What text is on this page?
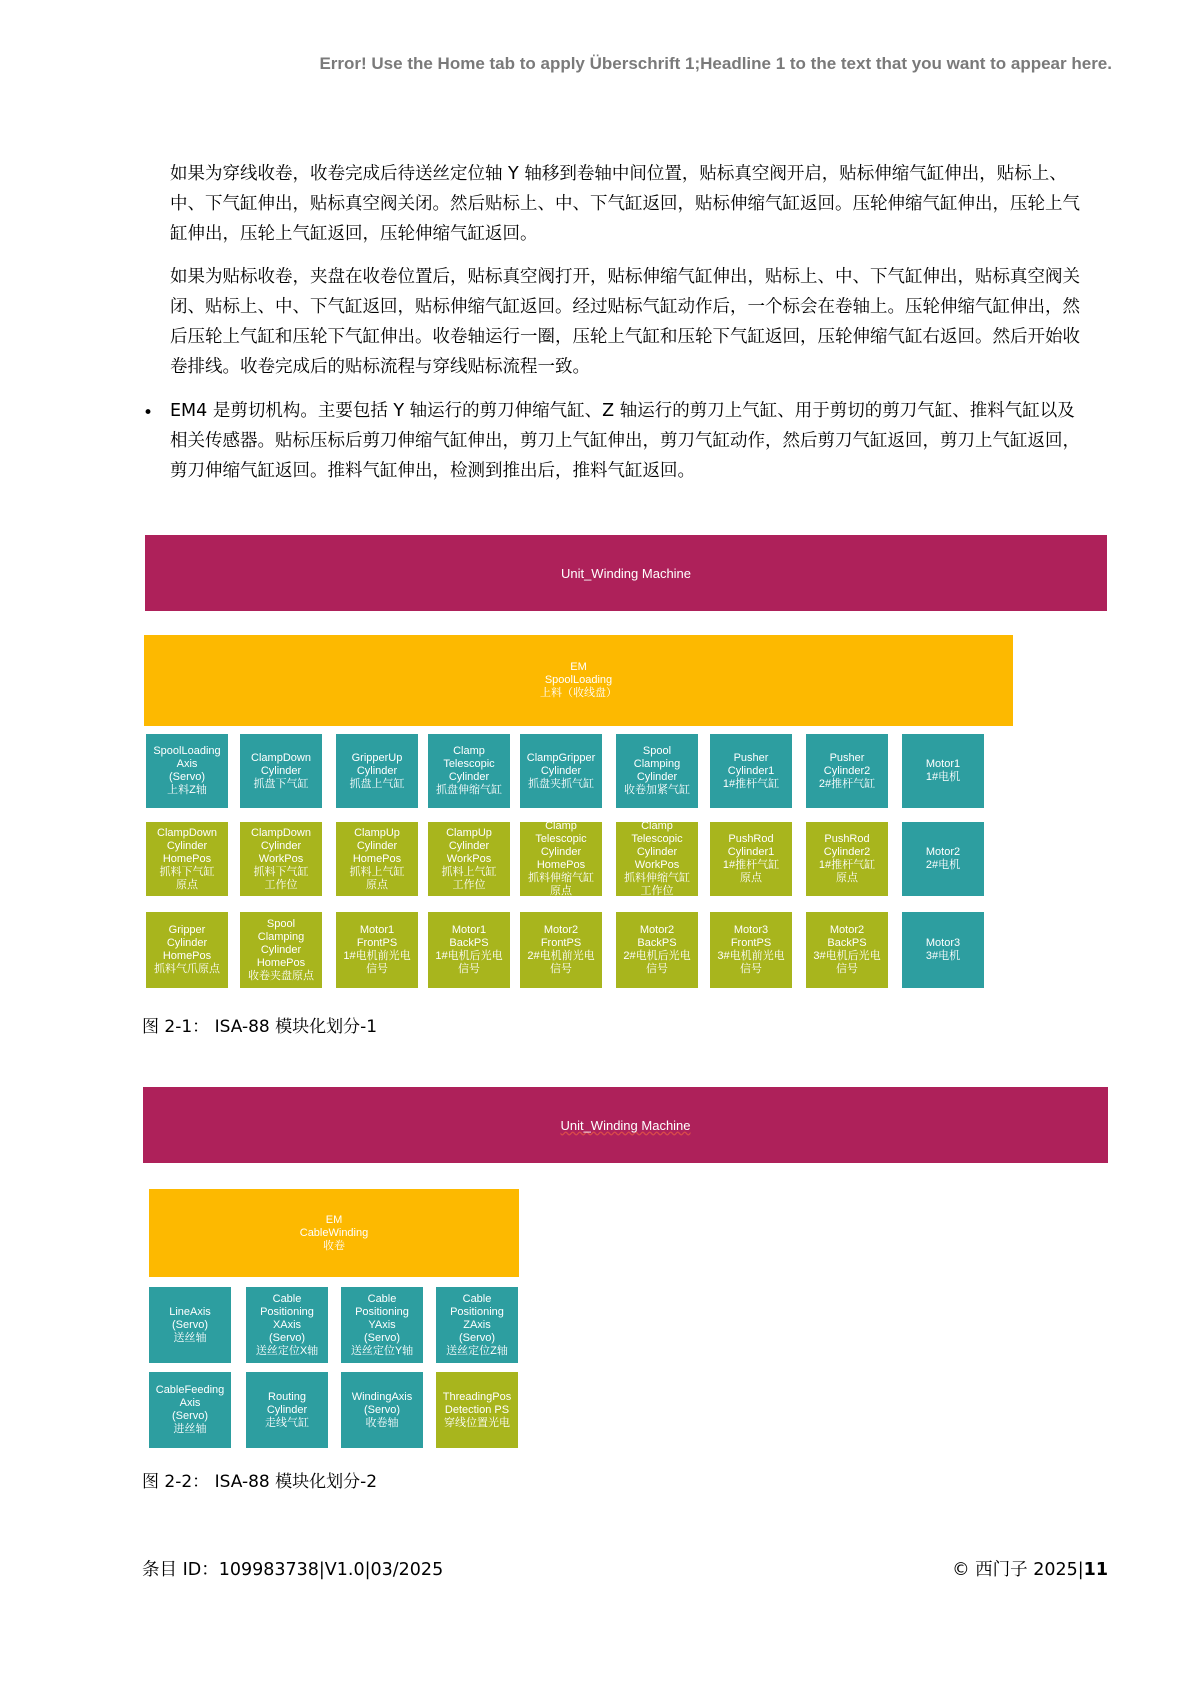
Error! Use the Home tab to apply Überschrift 1;Headline 1 to the text that you want to appear here.
如果为穿线收卷，收卷完成后待送丝定位轴 Y 轴移到卷轴中间位置，贴标真空阀开启，贴标伸缩气缸伸出，贴标上、中、下气缸伸出，贴标真空阀关闭。然后贴标上、中、下气缸返回，贴标伸缩气缸返回。压轮伸缩气缸伸出，压轮上气缸伸出，压轮上气缸返回，压轮伸缩气缸返回。
如果为贴标收卷，夹盘在收卷位置后，贴标真空阀打开，贴标伸缩气缸伸出，贴标上、中、下气缸伸出，贴标真空阀关闭、贴标上、中、下气缸返回，贴标伸缩气缸返回。经过贴标气缸动作后，一个标会在卷轴上。压轮伸缩气缸伸出，然后压轮上气缸和压轮下气缸伸出。收卷轴运行一圈，压轮上气缸和压轮下气缸返回，压轮伸缩气缸右返回。然后开始收卷排线。收卷完成后的贴标流程与穿线贴标流程一致。
• EM4 是剪切机构。主要包括 Y 轴运行的剪刀伸缩气缸、Z 轴运行的剪刀上气缸、用于剪切的剪刀气缸、推料气缸以及相关传感器。贴标压标后剪刀伸缩气缸伸出，剪刀上气缸伸出，剪刀气缸动作，然后剪刀气缸返回，剪刀上气缸返回，剪刀伸缩气缸返回。推料气缸伸出，检测到推出后，推料气缸返回。
Unit_Winding Machine
EM
SpoolLoading
上料（收线盘）
SpoolLoading
Axis
(Servo)
上料Z轴
ClampDown
Cylinder
抓盘下气缸
GripperUp
Cylinder
抓盘上气缸
Clamp
Telescopic
Cylinder
抓盘伸缩气缸
ClampGripper
Cylinder
抓盘夹抓气缸
Spool
Clamping
Cylinder
收卷加紧气缸
Pusher
Cylinder1
1#推杆气缸
Pusher
Cylinder2
2#推杆气缸
Motor1
1#电机
ClampDown
Cylinder
HomePos
抓料下气缸
原点
ClampDown
Cylinder
WorkPos
抓料下气缸
工作位
ClampUp
Cylinder
HomePos
抓料上气缸
原点
ClampUp
Cylinder
WorkPos
抓料上气缸
工作位
Clamp
Telescopic
Cylinder
HomePos
抓料伸缩气缸
原点
Clamp
Telescopic
Cylinder
WorkPos
抓料伸缩气缸
工作位
PushRod
Cylinder1
1#推杆气缸
原点
PushRod
Cylinder2
1#推杆气缸
原点
Motor2
2#电机
Gripper
Cylinder
HomePos
抓料气爪原点
Spool
Clamping
Cylinder
HomePos
收卷夹盘原点
Motor1
FrontPS
1#电机前光电
信号
Motor1
BackPS
1#电机后光电
信号
Motor2
FrontPS
2#电机前光电
信号
Motor2
BackPS
2#电机后光电
信号
Motor3
FrontPS
3#电机前光电
信号
Motor2
BackPS
3#电机后光电
信号
Motor3
3#电机
图 2-1： ISA-88 模块化划分-1
Unit_Winding Machine
EM
CableWinding
收卷
LineAxis
(Servo)
送丝轴
Cable
Positioning
XAxis
(Servo)
送丝定位X轴
Cable
Positioning
YAxis
(Servo)
送丝定位Y轴
Cable
Positioning
ZAxis
(Servo)
送丝定位Z轴
CableFeeding
Axis
(Servo)
进丝轴
Routing
Cylinder
走线气缸
WindingAxis
(Servo)
收卷轴
ThreadingPos
Detection PS
穿线位置光电
图 2-2： ISA-88 模块化划分-2
条目 ID：109983738|V1.0|03/2025	© 西门子 2025|11
